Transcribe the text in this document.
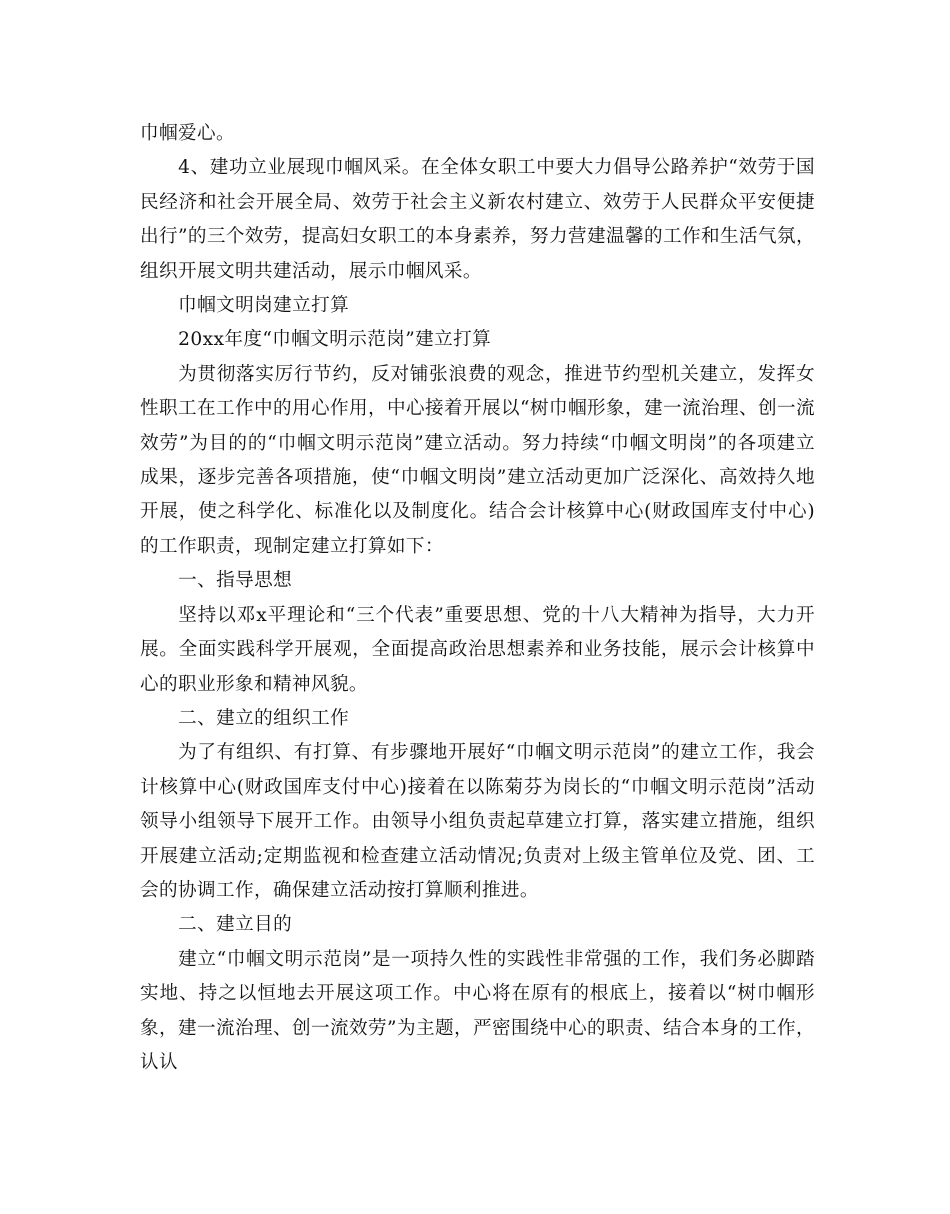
巾帼爱心。

4、建功立业展现巾帼风采。在全体女职工中要大力倡导公路养护“效劳于国民经济和社会开展全局、效劳于社会主义新农村建立、效劳于人民群众平安便捷出行”的三个效劳，提高妇女职工的本身素养，努力营建温馨的工作和生活气氛，组织开展文明共建活动，展示巾帼风采。

巾帼文明岗建立打算

20xx年度“巾帼文明示范岗”建立打算

为贯彻落实厉行节约，反对铺张浪费的观念，推进节约型机关建立，发挥女性职工在工作中的用心作用，中心接着开展以“树巾帼形象，建一流治理、创一流效劳”为目的的“巾帼文明示范岗”建立活动。努力持续“巾帼文明岗”的各项建立成果，逐步完善各项措施，使“巾帼文明岗”建立活动更加广泛深化、高效持久地开展，使之科学化、标准化以及制度化。结合会计核算中心(财政国库支付中心)的工作职责，现制定建立打算如下：

一、指导思想

坚持以邓x平理论和“三个代表”重要思想、党的十八大精神为指导，大力开展。全面实践科学开展观，全面提高政治思想素养和业务技能，展示会计核算中心的职业形象和精神风貌。

二、建立的组织工作

为了有组织、有打算、有步骤地开展好“巾帼文明示范岗”的建立工作，我会计核算中心(财政国库支付中心)接着在以陈菊芬为岗长的“巾帼文明示范岗”活动领导小组领导下展开工作。由领导小组负责起草建立打算，落实建立措施，组织开展建立活动;定期监视和检查建立活动情况;负责对上级主管单位及党、团、工会的协调工作，确保建立活动按打算顺利推进。

二、建立目的

建立“巾帼文明示范岗”是一项持久性的实践性非常强的工作，我们务必脚踏实地、持之以恒地去开展这项工作。中心将在原有的根底上，接着以“树巾帼形象，建一流治理、创一流效劳”为主题，严密围绕中心的职责、结合本身的工作，认认
